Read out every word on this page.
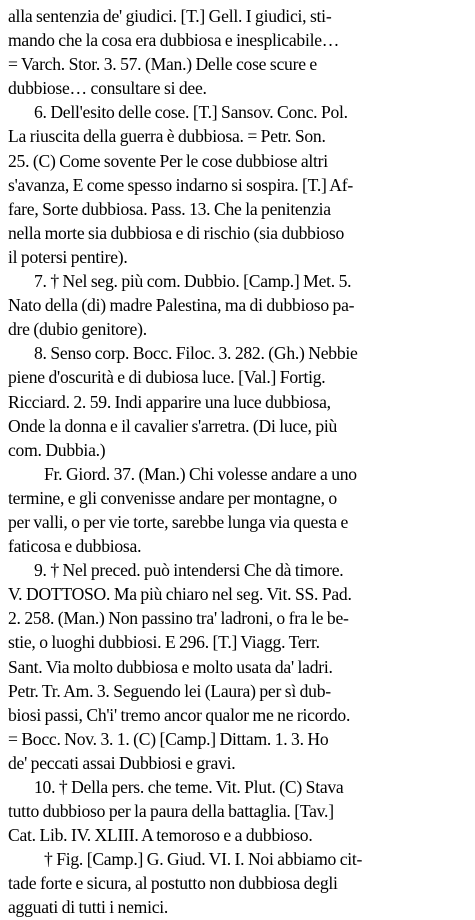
alla sentenzia de' giudici. [T.] Gell. I giudici, sti-
mando che la cosa era dubbiosa e inesplicabile…
= Varch. Stor. 3. 57. (Man.) Delle cose scure e
dubbiose… consultare si dee.
6. Dell'esito delle cose. [T.] Sansov. Conc. Pol.
La riuscita della guerra è dubbiosa. = Petr. Son.
25. (C) Come sovente Per le cose dubbiose altri
s'avanza, E come spesso indarno si sospira. [T.] Af-
fare, Sorte dubbiosa. Pass. 13. Che la penitenzia
nella morte sia dubbiosa e di rischio (sia dubbioso
il potersi pentire).
7. † Nel seg. più com. Dubbio. [Camp.] Met. 5.
Nato della (di) madre Palestina, ma di dubbioso pa-
dre (dubio genitore).
8. Senso corp. Bocc. Filoc. 3. 282. (Gh.) Nebbie
piene d'oscurità e di dubiosa luce. [Val.] Fortig.
Ricciard. 2. 59. Indi apparire una luce dubbiosa,
Onde la donna e il cavalier s'arretra. (Di luce, più
com. Dubbia.)
Fr. Giord. 37. (Man.) Chi volesse andare a uno
termine, e gli convenisse andare per montagne, o
per valli, o per vie torte, sarebbe lunga via questa e
faticosa e dubbiosa.
9. † Nel preced. può intendersi Che dà timore.
V. DOTTOSO. Ma più chiaro nel seg. Vit. SS. Pad.
2. 258. (Man.) Non passino tra' ladroni, o fra le be-
stie, o luoghi dubbiosi. E 296. [T.] Viagg. Terr.
Sant. Via molto dubbiosa e molto usata da' ladri.
Petr. Tr. Am. 3. Seguendo lei (Laura) per sì dub-
biosi passi, Ch'i' tremo ancor qualor me ne ricordo.
= Bocc. Nov. 3. 1. (C) [Camp.] Dittam. 1. 3. Ho
de' peccati assai Dubbiosi e gravi.
10. † Della pers. che teme. Vit. Plut. (C) Stava
tutto dubbioso per la paura della battaglia. [Tav.]
Cat. Lib. IV. XLIII. A temoroso e a dubbioso.
† Fig. [Camp.] G. Giud. VI. I. Noi abbiamo cit-
tade forte e sicura, al postutto non dubbiosa degli
agguati di tutti i nemici.
